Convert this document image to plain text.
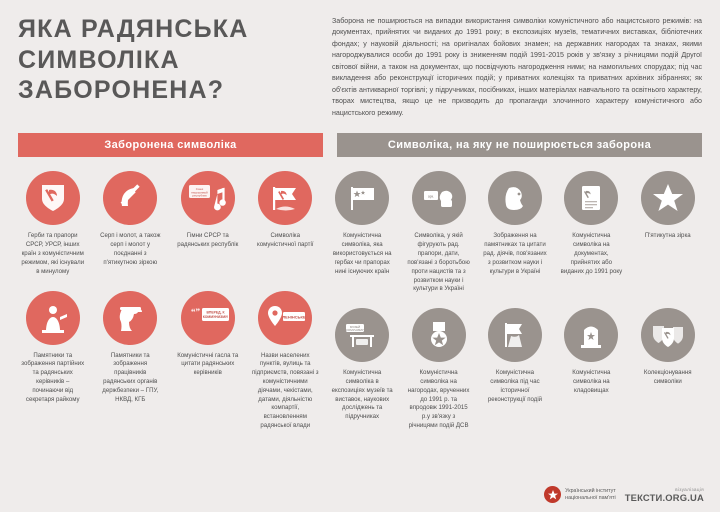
ЯКА РАДЯНСЬКА
СИМВОЛІКА
ЗАБОРОНЕНА?
Заборона не поширюється на випадки використання символіки комуністичного або нацистського режимів: на документах, прийнятих чи виданих до 1991 року; в експозиціях музеїв, тематичних виставках, бібліотечних фондах; у науковій діяльності; на оригіналах бойових знамен; на державних нагородах та знаках, якими нагороджувалися особи до 1991 року із зниженням подій 1991-2015 років у зв'язку з річницями подій Другої світової війни, а також на документах, що посвідчують нагородження ними; на намогильних спорудах; під час викладення або реконструкції історичних подій; у приватних колекціях та приватних архівних зібраннях; як об'єктів антикварної торгівлі; у підручниках, посібниках, інших матеріалах навчального та освітнього характеру, творах мистецтва, якщо це не призводить до пропаганди злочинного характеру комуністичного або нацистського режиму.
Заборонена символіка	Символіка, на яку не поширюється заборона
Герби та прапори СРСР, УРСР, інших країн з комуністичним режимом, які існували в минулому
Серп і молот, а також серп і молот у поєднанні з п'ятикутною зіркою
Союз
нерушимый
республик
Гімни СРСР та радянських республік
Символіка комуністичної партії
Памятники та зображення партійних та радянських керівників – починаючи від секретаря райкому
Памятники та зображення працівників радянських органів держбезпеки – ГПУ, НКВД, КГБ
“” ВПЕРЕД, К
КОММУНИЗМУ!
Комуністичні гасла та цитати радянських керівників
ЛЕНІНСЬКЕ
Назви населених пунктів, вулиць та підприємств, повязані з комуністичними діячами, чекістами, датами, діяльністю компартії, встановленням радянської влади
Комуністична символіка, яка використовується на гербах чи прапорах нині існуючих країн
арк.
Символіка, у якій фігурують рад. прапори, дати, пов'язані з боротьбою проти нацистів та з розвитком науки і культури в Україні
Зображення на памятниках та цитати рад. діячів, пов'язаних з розвитком науки і культури в Україні
Комуністична символіка на документах, прийнятих або виданих до 1991 року
П'ятикутна зірка
МУЗЕЙ
КОМУНІЗМУ
Комуністична символіка в експозиціях музеїв та виставок, наукових досліджень та підручниках
Комуністична символіка на нагородах, врученних до 1991 р. та впродовж 1991-2015 р.у зв'язку з річницями подій ДСВ
Комуністична символіка під час історичної реконструкції подій
Комуністична символіка на кладовищах
Колекціонування символіки
Український інститут
національної пам'яті
візуалізація
ТЕКСТИ.ORG.UA
